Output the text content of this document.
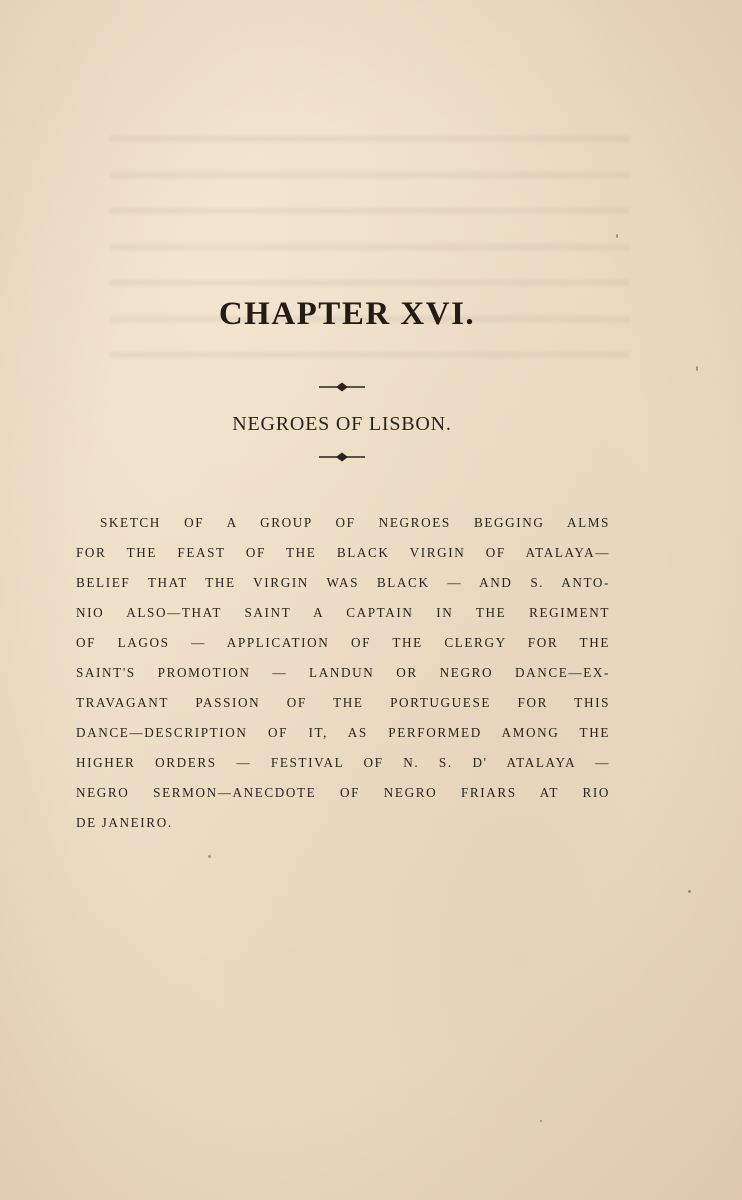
CHAPTER XVI.
NEGROES OF LISBON.
SKETCH OF A GROUP OF NEGROES BEGGING ALMS
FOR THE FEAST OF THE BLACK VIRGIN OF ATALAYA—
BELIEF THAT THE VIRGIN WAS BLACK — AND S. ANTO-
NIO ALSO—THAT SAINT A CAPTAIN IN THE REGIMENT
OF LAGOS — APPLICATION OF THE CLERGY FOR THE
SAINT'S PROMOTION — LANDUN OR NEGRO DANCE—EX-
TRAVAGANT PASSION OF THE PORTUGUESE FOR THIS
DANCE—DESCRIPTION OF IT, AS PERFORMED AMONG THE
HIGHER ORDERS — FESTIVAL OF N. S. D' ATALAYA —
NEGRO SERMON—ANECDOTE OF NEGRO FRIARS AT RIO
DE JANEIRO.
